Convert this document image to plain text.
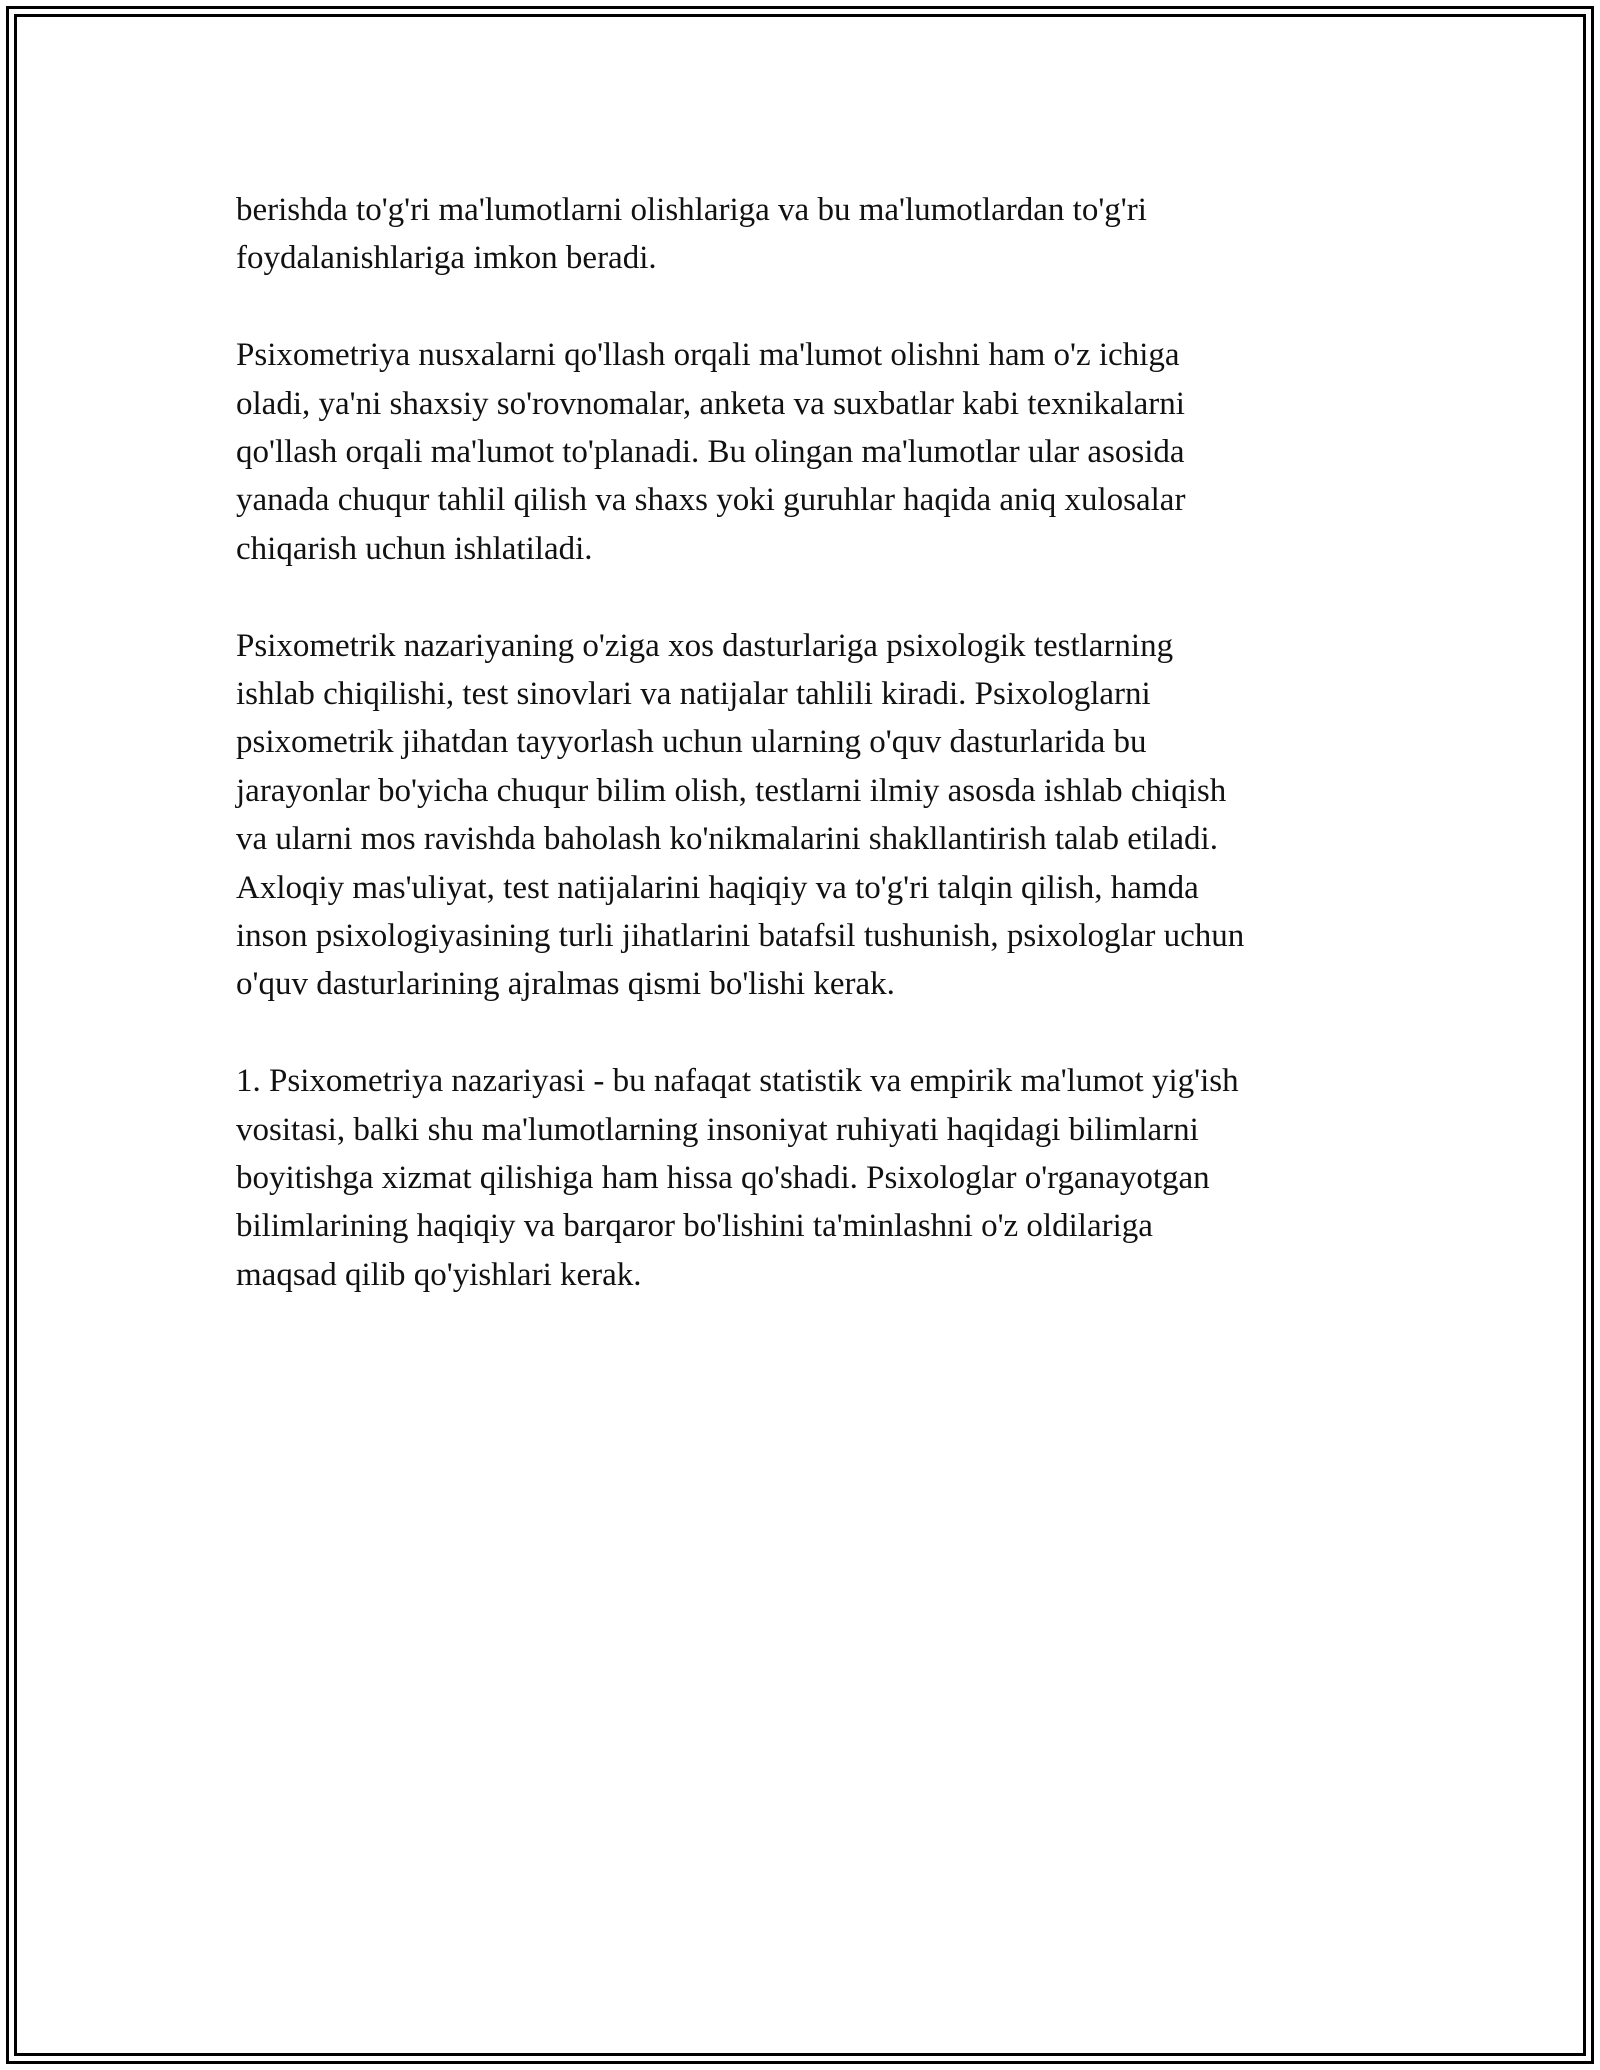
berishda to'g'ri ma'lumotlarni olishlariga va bu ma'lumotlardan to'g'ri
foydalanishlariga imkon beradi.

Psixometriya nusxalarni qo'llash orqali ma'lumot olishni ham o'z ichiga
oladi, ya'ni shaxsiy so'rovnomalar, anketa va suxbatlar kabi texnikalarni
qo'llash orqali ma'lumot to'planadi. Bu olingan ma'lumotlar ular asosida
yanada chuqur tahlil qilish va shaxs yoki guruhlar haqida aniq xulosalar
chiqarish uchun ishlatiladi.

Psixometrik nazariyaning o'ziga xos dasturlariga psixologik testlarning
ishlab chiqilishi, test sinovlari va natijalar tahlili kiradi. Psixologlarni
psixometrik jihatdan tayyorlash uchun ularning o'quv dasturlarida bu
jarayonlar bo'yicha chuqur bilim olish, testlarni ilmiy asosda ishlab chiqish
va ularni mos ravishda baholash ko'nikmalarini shakllantirish talab etiladi.
Axloqiy mas'uliyat, test natijalarini haqiqiy va to'g'ri talqin qilish, hamda
inson psixologiyasining turli jihatlarini batafsil tushunish, psixologlar uchun
o'quv dasturlarining ajralmas qismi bo'lishi kerak.

1. Psixometriya nazariyasi - bu nafaqat statistik va empirik ma'lumot yig'ish
vositasi, balki shu ma'lumotlarning insoniyat ruhiyati haqidagi bilimlarni
boyitishga xizmat qilishiga ham hissa qo'shadi. Psixologlar o'rganayotgan
bilimlarining haqiqiy va barqaror bo'lishini ta'minlashni o'z oldilariga
maqsad qilib qo'yishlari kerak.
